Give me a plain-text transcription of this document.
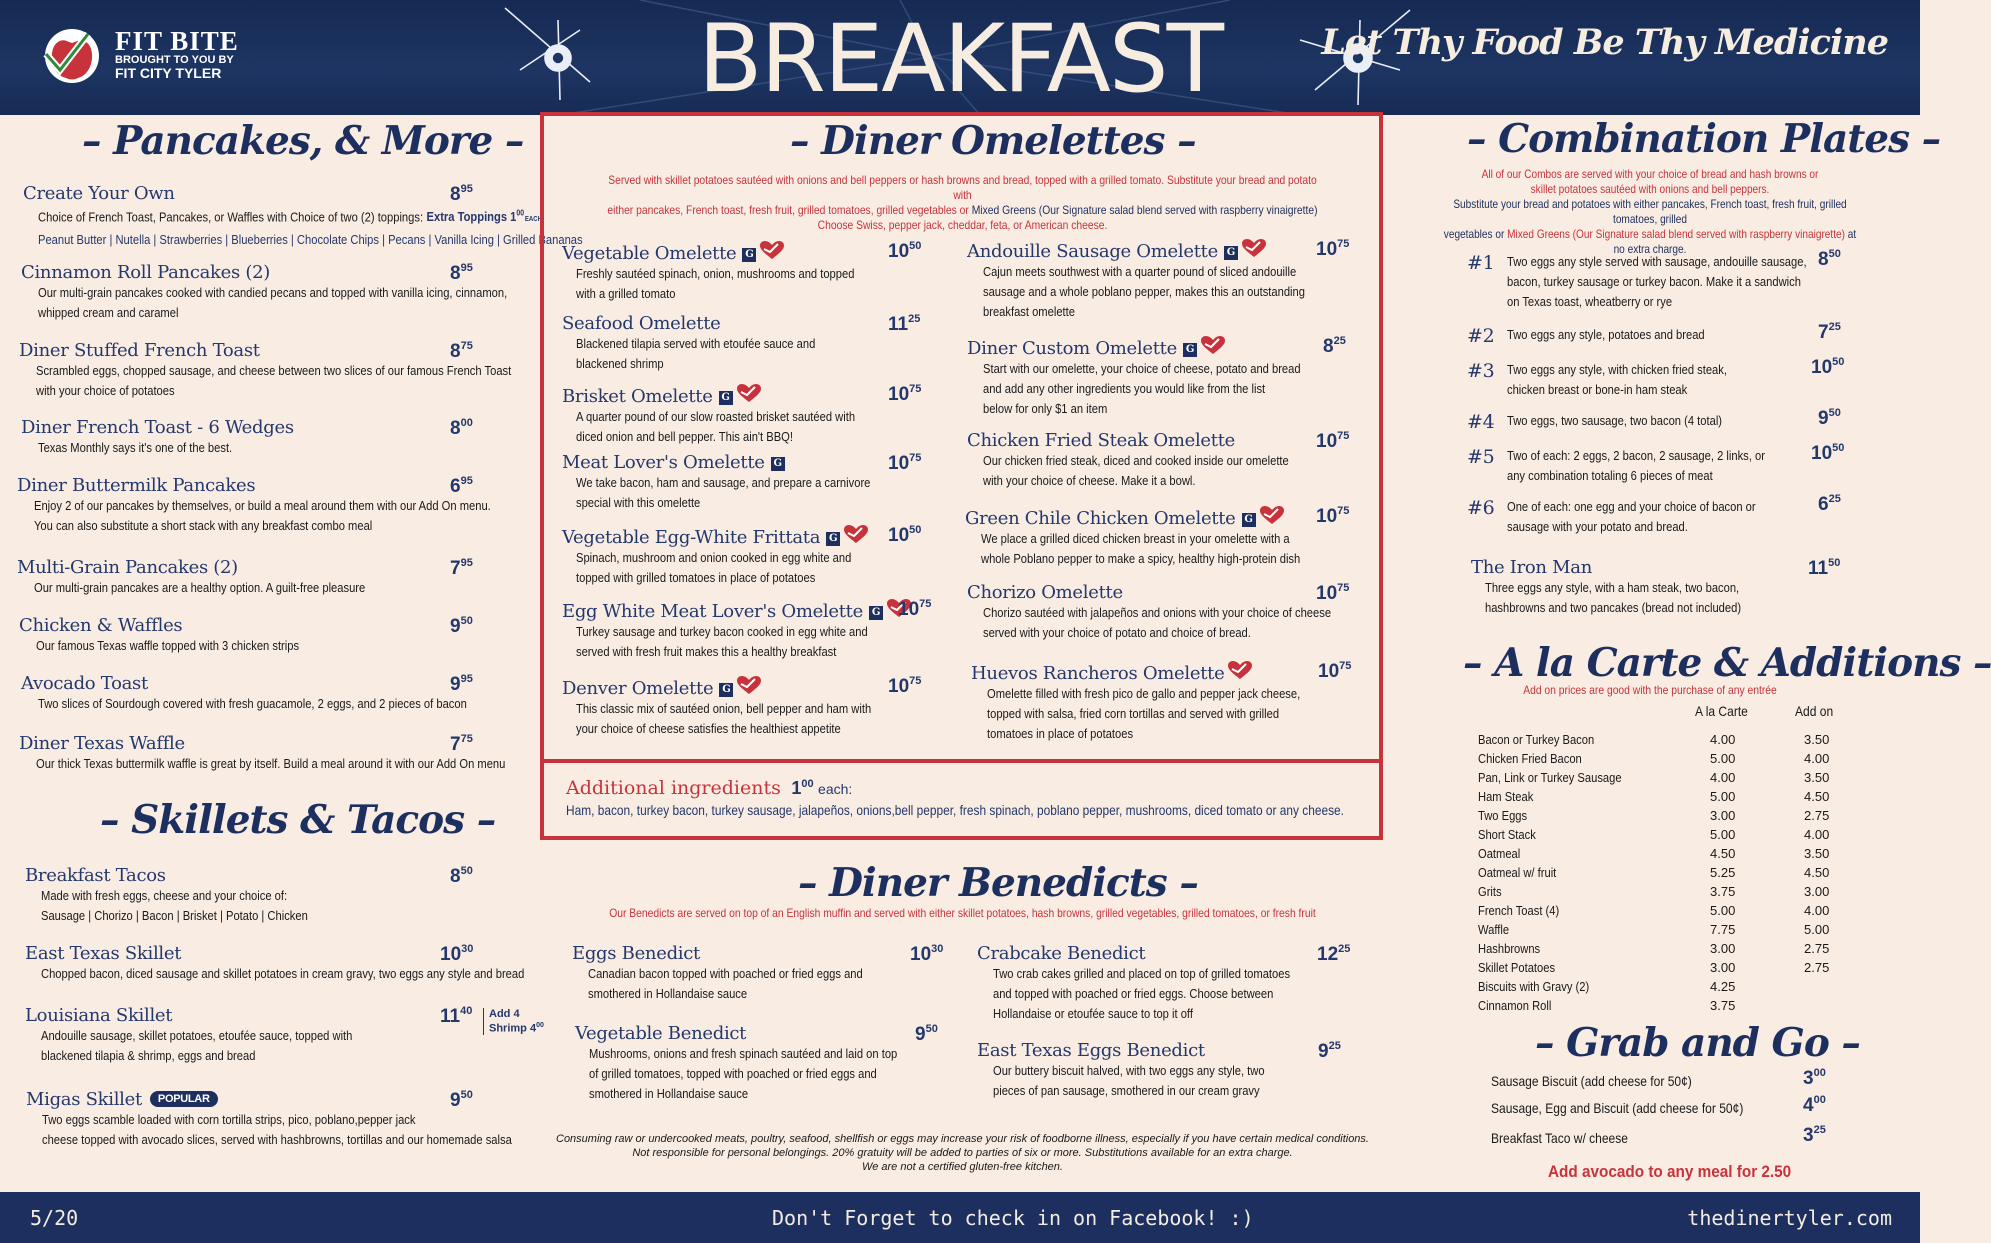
FIT BITE
BROUGHT TO YOU BY
FIT CITY TYLER	BREAKFAST	Let Thy Food Be Thy Medicine
– Pancakes, & More –
Create Your Own
Choice of French Toast, Pancakes, or Waffles with Choice of two (2) toppings: Extra Toppings $1^{00}EACH$
Peanut Butter | Nutella | Strawberries | Blueberries | Chocolate Chips | Pecans | Vanilla Icing | Grilled Bananas
$8^{95}$
Cinnamon Roll Pancakes (2)
Our multi-grain pancakes cooked with candied pecans and topped with vanilla icing, cinnamon,
whipped cream and caramel
$8^{95}$
Diner Stuffed French Toast
Scrambled eggs, chopped sausage, and cheese between two slices of our famous French Toast
with your choice of potatoes
$8^{75}$
Diner French Toast - 6 Wedges
Texas Monthly says it's one of the best.
$8^{00}$
Diner Buttermilk Pancakes
Enjoy 2 of our pancakes by themselves, or build a meal around them with our Add On menu.
You can also substitute a short stack with any breakfast combo meal
$6^{95}$
Multi-Grain Pancakes (2)
Our multi-grain pancakes are a healthy option. A guilt-free pleasure
$7^{95}$
Chicken & Waffles
Our famous Texas waffle topped with 3 chicken strips
$9^{50}$
Avocado Toast
Two slices of Sourdough covered with fresh guacamole, 2 eggs, and 2 pieces of bacon
$9^{95}$
Diner Texas Waffle
Our thick Texas buttermilk waffle is great by itself. Build a meal around it with our Add On menu
$7^{75}$
– Skillets & Tacos –
Breakfast Tacos
Made with fresh eggs, cheese and your choice of:
Sausage | Chorizo | Bacon | Brisket | Potato | Chicken
$8^{50}$
East Texas Skillet
Chopped bacon, diced sausage and skillet potatoes in cream gravy, two eggs any style and bread
$10^{30}$
Louisiana Skillet
Andouille sausage, skillet potatoes, etoufée sauce, topped with
blackened tilapia & shrimp, eggs and bread
$11^{40}$
Migas Skillet POPULAR
Two eggs scamble loaded with corn tortilla strips, pico, poblano,pepper jack
cheese topped with avocado slices, served with hashbrowns, tortillas and our homemade salsa
$9^{50}$
Add 4
Shrimp $4^{00}$
– Diner Omelettes –
Served with skillet potatoes sautéed with onions and bell peppers or hash browns and bread, topped with a grilled tomato. Substitute your bread and potato with
either pancakes, French toast, fresh fruit, grilled tomatoes, grilled vegetables or Mixed Greens (Our Signature salad blend served with raspberry vinaigrette)
Choose Swiss, pepper jack, cheddar, feta, or American cheese.
Vegetable Omelette G
Freshly sautéed spinach, onion, mushrooms and topped
with a grilled tomato
$10^{50}$
Seafood Omelette
Blackened tilapia served with etoufée sauce and
blackened shrimp
$11^{25}$
Brisket Omelette G
A quarter pound of our slow roasted brisket sautéed with
diced onion and bell pepper. This ain't BBQ!
$10^{75}$
Meat Lover's Omelette G
We take bacon, ham and sausage, and prepare a carnivore
special with this omelette
$10^{75}$
Vegetable Egg-White Frittata G
Spinach, mushroom and onion cooked in egg white and
topped with grilled tomatoes in place of potatoes
$10^{50}$
Egg White Meat Lover's Omelette G
Turkey sausage and turkey bacon cooked in egg white and
served with fresh fruit makes this a healthy breakfast
$10^{75}$
Denver Omelette G
This classic mix of sautéed onion, bell pepper and ham with
your choice of cheese satisfies the healthiest appetite
$10^{75}$
Andouille Sausage Omelette G
Cajun meets southwest with a quarter pound of sliced andouille
sausage and a whole poblano pepper, makes this an outstanding
breakfast omelette
$10^{75}$
Diner Custom Omelette G
Start with our omelette, your choice of cheese, potato and bread
and add any other ingredients you would like from the list
below for only $1 an item
$8^{25}$
Chicken Fried Steak Omelette
Our chicken fried steak, diced and cooked inside our omelette
with your choice of cheese. Make it a bowl.
$10^{75}$
Green Chile Chicken Omelette G
We place a grilled diced chicken breast in your omelette with a
whole Poblano pepper to make a spicy, healthy high-protein dish
$10^{75}$
Chorizo Omelette
Chorizo sautéed with jalapeños and onions with your choice of cheese
served with your choice of potato and choice of bread.
$10^{75}$
Huevos Rancheros Omelette
Omelette filled with fresh pico de gallo and pepper jack cheese,
topped with salsa, fried corn tortillas and served with grilled
tomatoes in place of potatoes
$10^{75}$
Additional ingredients $1^{00}$ each:
Ham, bacon, turkey bacon, turkey sausage, jalapeños, onions,bell pepper, fresh spinach, poblano pepper, mushrooms, diced tomato or any cheese.
– Diner Benedicts –
Our Benedicts are served on top of an English muffin and served with either skillet potatoes, hash browns, grilled vegetables, grilled tomatoes, or fresh fruit
Eggs Benedict
Canadian bacon topped with poached or fried eggs and
smothered in Hollandaise sauce
$10^{30}$
Vegetable Benedict
Mushrooms, onions and fresh spinach sautéed and laid on top
of grilled tomatoes, topped with poached or fried eggs and
smothered in Hollandaise sauce
$9^{50}$
Crabcake Benedict
Two crab cakes grilled and placed on top of grilled tomatoes
and topped with poached or fried eggs. Choose between
Hollandaise or etoufée sauce to top it off
$12^{25}$
East Texas Eggs Benedict
Our buttery biscuit halved, with two eggs any style, two
pieces of pan sausage, smothered in our cream gravy
$9^{25}$
Consuming raw or undercooked meats, poultry, seafood, shellfish or eggs may increase your risk of foodborne illness, especially if you have certain medical conditions.
Not responsible for personal belongings. 20% gratuity will be added to parties of six or more. Substitutions available for an extra charge.
We are not a certified gluten-free kitchen.
– Combination Plates –
All of our Combos are served with your choice of bread and hash browns or
skillet potatoes sautéed with onions and bell peppers.
Substitute your bread and potatoes with either pancakes, French toast, fresh fruit, grilled tomatoes, grilled
vegetables or Mixed Greens (Our Signature salad blend served with raspberry vinaigrette) at no extra charge.
#1 Two eggs any style served with sausage, andouille sausage,
bacon, turkey sausage or turkey bacon. Make it a sandwich
on Texas toast, wheatberry or rye
$8^{50}$
#2 Two eggs any style, potatoes and bread	$7^{25}$
#3 Two eggs any style, with chicken fried steak,
chicken breast or bone-in ham steak
$10^{50}$
#4 Two eggs, two sausage, two bacon (4 total)	$9^{50}$
#5 Two of each: 2 eggs, 2 bacon, 2 sausage, 2 links, or
any combination totaling 6 pieces of meat
$10^{50}$
#6 One of each: one egg and your choice of bacon or
sausage with your potato and bread.
$6^{25}$
The Iron Man
Three eggs any style, with a ham steak, two bacon,
hashbrowns and two pancakes (bread not included)
$11^{50}$
– A la Carte & Additions –
Add on prices are good with the purchase of any entrée
A la Carte	Add on
Bacon or Turkey Bacon	4.00	3.50
Chicken Fried Bacon	5.00	4.00
Pan, Link or Turkey Sausage	4.00	3.50
Ham Steak	5.00	4.50
Two Eggs	3.00	2.75
Short Stack	5.00	4.00
Oatmeal	4.50	3.50
Oatmeal w/ fruit	5.25	4.50
Grits	3.75	3.00
French Toast (4)	5.00	4.00
Waffle	7.75	5.00
Hashbrowns	3.00	2.75
Skillet Potatoes	3.00	2.75
Biscuits with Gravy (2)	4.25
Cinnamon Roll	3.75
– Grab and Go –
Sausage Biscuit (add cheese for 50¢)	$3^{00}$
Sausage, Egg and Biscuit (add cheese for 50¢)	$4^{00}$
Breakfast Taco w/ cheese	$3^{25}$
Add avocado to any meal for 2.50
5/20	Don't Forget to check in on Facebook! :)	thedinertyler.com
